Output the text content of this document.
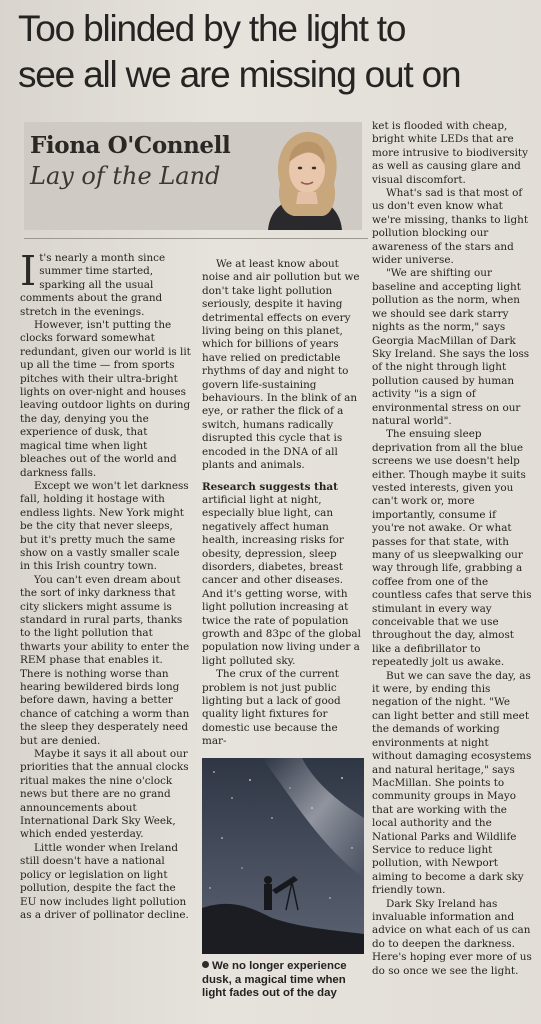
Too blinded by the light to
see all we are missing out on
Fiona O'Connell
Lay of the Land

It's nearly a month since summer time started, sparking all the usual comments about the grand stretch in the evenings.

However, isn't putting the clocks forward somewhat redundant, given our world is lit up all the time — from sports pitches with their ultra-bright lights on over-night and houses leaving outdoor lights on during the day, denying you the experience of dusk, that magical time when light bleaches out of the world and darkness falls.

Except we won't let darkness fall, holding it hostage with endless lights. New York might be the city that never sleeps, but it's pretty much the same show on a vastly smaller scale in this Irish country town.

You can't even dream about the sort of inky darkness that city slickers might assume is standard in rural parts, thanks to the light pollution that thwarts your ability to enter the REM phase that enables it. There is nothing worse than hearing bewildered birds long before dawn, having a better chance of catching a worm than the sleep they desperately need but are denied.

Maybe it says it all about our priorities that the annual clocks ritual makes the nine o'clock news but there are no grand announcements about International Dark Sky Week, which ended yesterday.

Little wonder when Ireland still doesn't have a national policy or legislation on light pollution, despite the fact the EU now includes light pollution as a driver of pollinator decline.

We at least know about noise and air pollution but we don't take light pollution seriously, despite it having detrimental effects on every living being on this planet, which for billions of years have relied on predictable rhythms of day and night to govern life-sustaining behaviours. In the blink of an eye, or rather the flick of a switch, humans radically disrupted this cycle that is encoded in the DNA of all plants and animals.

Research suggests that artificial light at night, especially blue light, can negatively affect human health, increasing risks for obesity, depression, sleep disorders, diabetes, breast cancer and other diseases. And it's getting worse, with light pollution increasing at twice the rate of population growth and 83pc of the global population now living under a light polluted sky.

The crux of the current problem is not just public lighting but a lack of good quality light fixtures for domestic use because the mar-

We no longer experience dusk, a magical time when light fades out of the day

ket is flooded with cheap, bright white LEDs that are more intrusive to biodiversity as well as causing glare and visual discomfort.

What's sad is that most of us don't even know what we're missing, thanks to light pollution blocking our awareness of the stars and wider universe.

"We are shifting our baseline and accepting light pollution as the norm, when we should see dark starry nights as the norm," says Georgia MacMillan of Dark Sky Ireland. She says the loss of the night through light pollution caused by human activity "is a sign of environmental stress on our natural world".

The ensuing sleep deprivation from all the blue screens we use doesn't help either. Though maybe it suits vested interests, given you can't work or, more importantly, consume if you're not awake. Or what passes for that state, with many of us sleepwalking our way through life, grabbing a coffee from one of the countless cafes that serve this stimulant in every way conceivable that we use throughout the day, almost like a defibrillator to repeatedly jolt us awake.

But we can save the day, as it were, by ending this negation of the night. "We can light better and still meet the demands of working environments at night without damaging ecosystems and natural heritage," says MacMillan. She points to community groups in Mayo that are working with the local authority and the National Parks and Wildlife Service to reduce light pollution, with Newport aiming to become a dark sky friendly town.

Dark Sky Ireland has invaluable information and advice on what each of us can do to deepen the darkness. Here's hoping ever more of us do so once we see the light.
